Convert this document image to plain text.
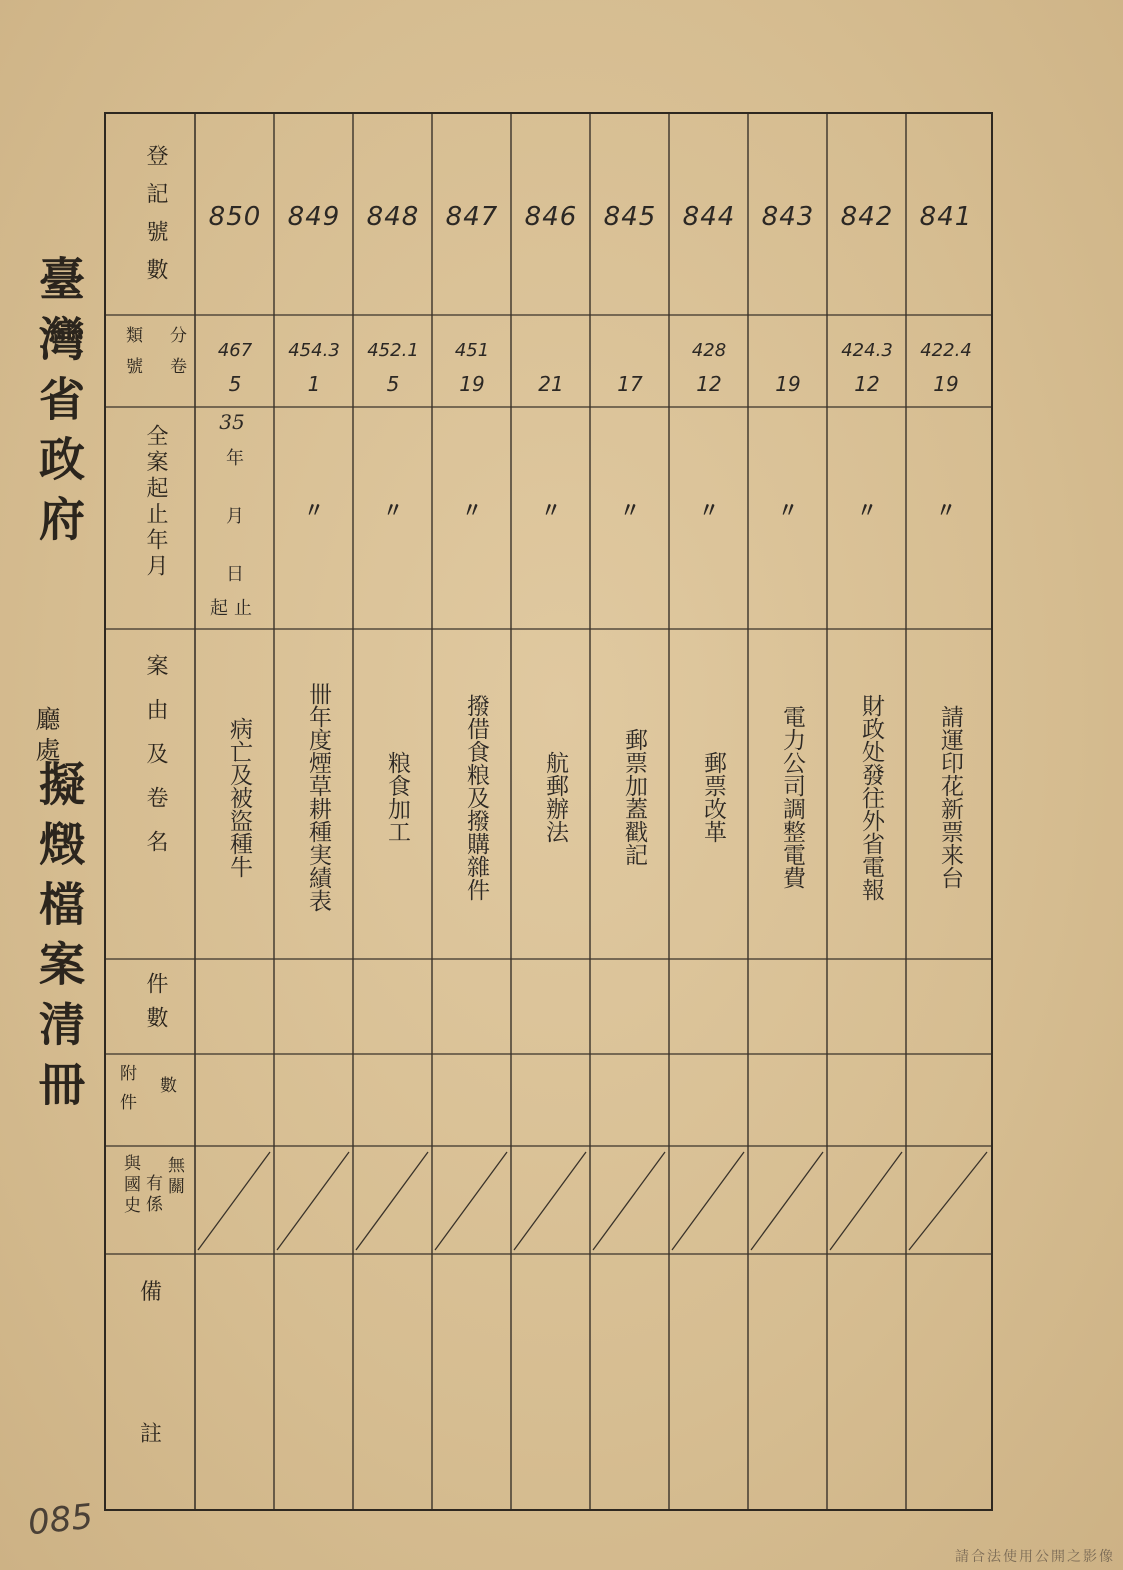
臺灣省政府
廳處
擬燬檔案清冊
登記號數
分卷
類號
全案起止年月
案由及卷名
件數
附件 數
無關
有係
與國史
備
註
35
年
月
日
起止
850
467
5
病亡及被盜種牛
849
454.3
1
〃
卌年度煙草耕種実績表
848
452.1
5
〃
粮食加工
847
451
19
〃
撥借食粮及撥購雜件
846
21
〃
航郵辦法
845
17
〃
郵票加蓋戳記
844
428
12
〃
郵票改革
843
19
〃
電力公司調整電費
842
424.3
12
〃
財政处發往外省電報
841
422.4
19
〃
請運印花新票来台
085
請合法使用公開之影像
